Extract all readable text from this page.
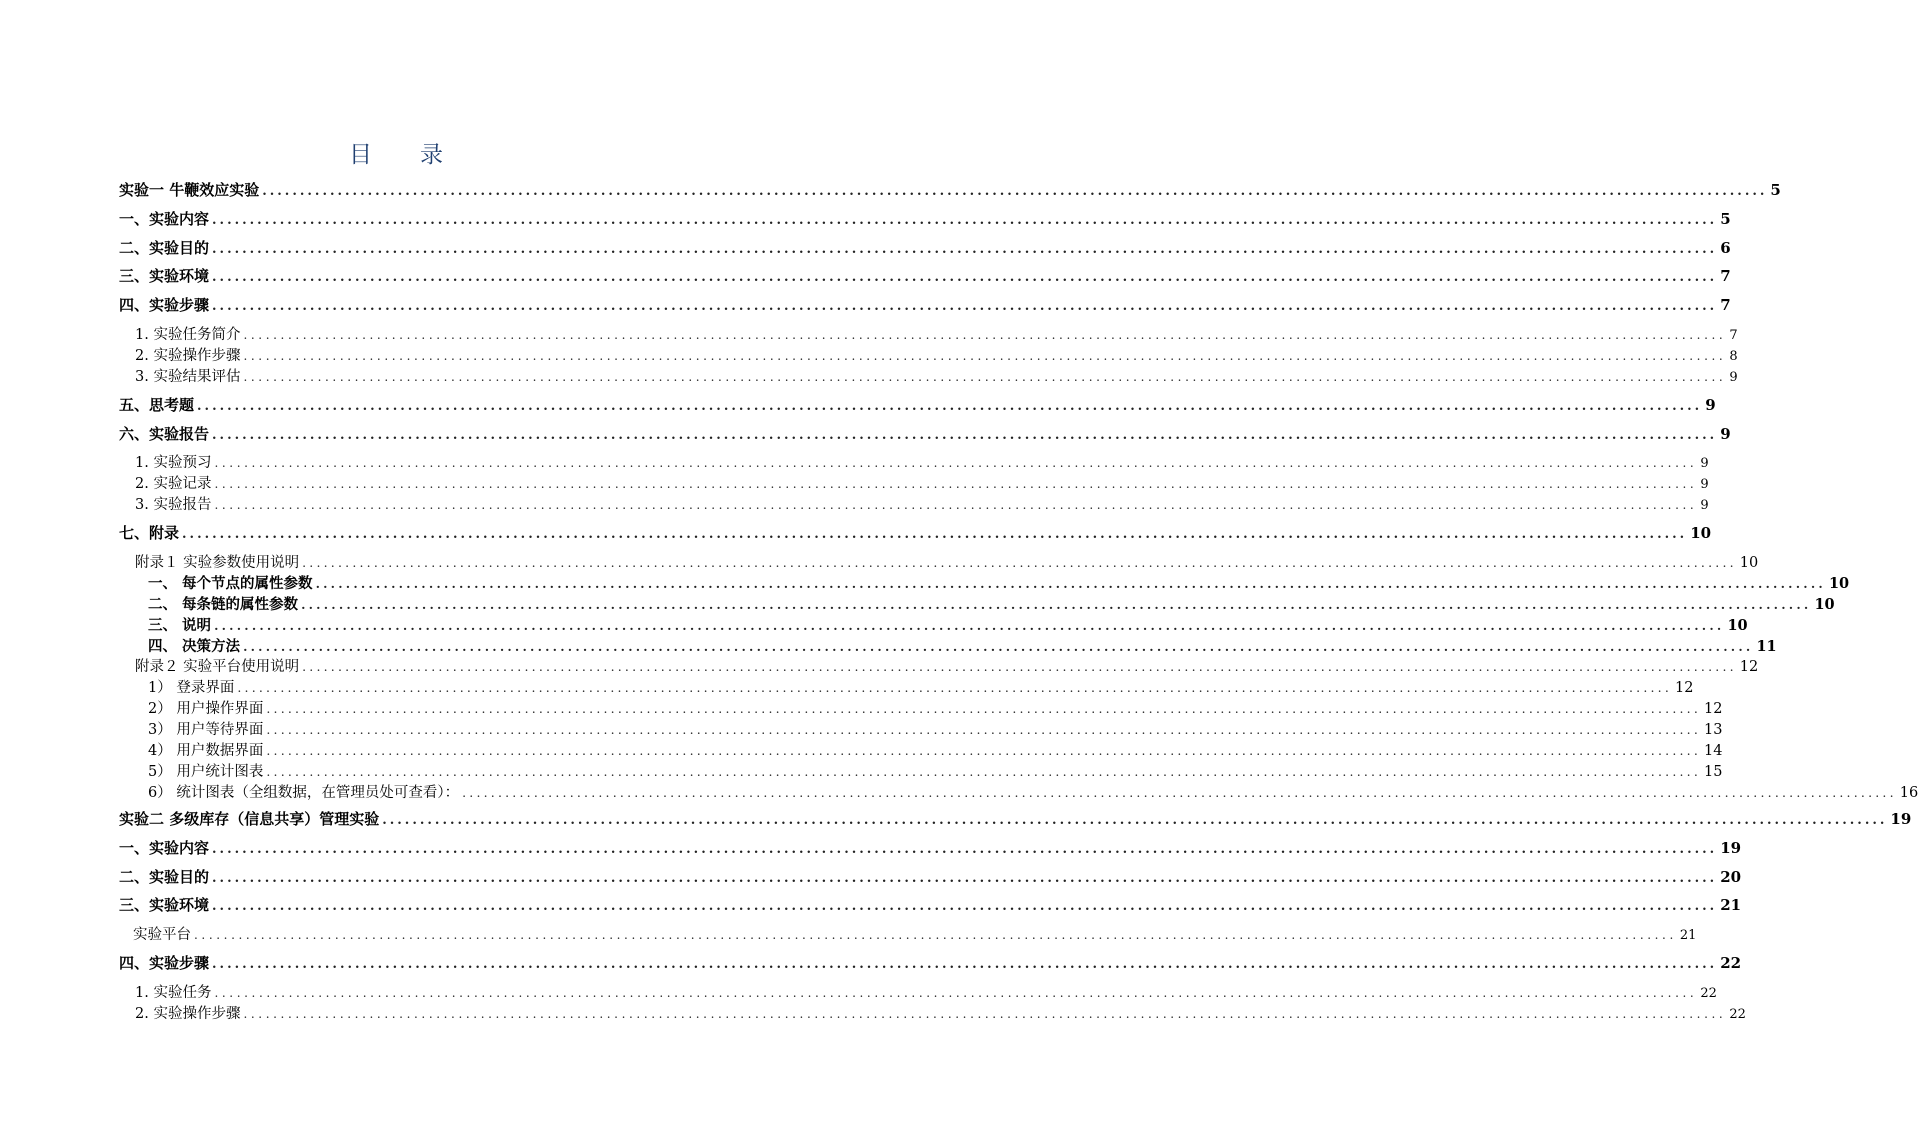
目 录
实验一 牛鞭效应实验 ........................................................................................................................................................................................................ 5
一、实验内容 ........................................................................................................................................................................................................ 5
二、实验目的 ........................................................................................................................................................................................................ 6
三、实验环境 ........................................................................................................................................................................................................ 7
四、实验步骤 ........................................................................................................................................................................................................ 7
1. 实验任务简介 ........................................................................................................................................................................................................ 7
2. 实验操作步骤 ........................................................................................................................................................................................................ 8
3. 实验结果评估 ........................................................................................................................................................................................................ 9
五、思考题 ........................................................................................................................................................................................................ 9
六、实验报告 ........................................................................................................................................................................................................ 9
1. 实验预习 ........................................................................................................................................................................................................ 9
2. 实验记录 ........................................................................................................................................................................................................ 9
3. 实验报告 ........................................................................................................................................................................................................ 9
七、附录 ........................................................................................................................................................................................................ 10
附录１ 实验参数使用说明 ........................................................................................................................................................................................................ 10
一、 每个节点的属性参数 ........................................................................................................................................................................................................ 10
二、 每条链的属性参数 ........................................................................................................................................................................................................ 10
三、 说明 ........................................................................................................................................................................................................ 10
四、 决策方法 ........................................................................................................................................................................................................ 11
附录２ 实验平台使用说明 ........................................................................................................................................................................................................ 12
1） 登录界面 ........................................................................................................................................................................................................ 12
2） 用户操作界面 ........................................................................................................................................................................................................ 12
3） 用户等待界面 ........................................................................................................................................................................................................ 13
4） 用户数据界面 ........................................................................................................................................................................................................ 14
5） 用户统计图表 ........................................................................................................................................................................................................ 15
6） 统计图表（全组数据，在管理员处可查看）： ........................................................................................................................................................................................................ 16
实验二 多级库存（信息共享）管理实验 ........................................................................................................................................................................................................ 19
一、实验内容 ........................................................................................................................................................................................................ 19
二、实验目的 ........................................................................................................................................................................................................ 20
三、实验环境 ........................................................................................................................................................................................................ 21
实验平台 ........................................................................................................................................................................................................ 21
四、实验步骤 ........................................................................................................................................................................................................ 22
1. 实验任务 ........................................................................................................................................................................................................ 22
2. 实验操作步骤 ........................................................................................................................................................................................................ 22
